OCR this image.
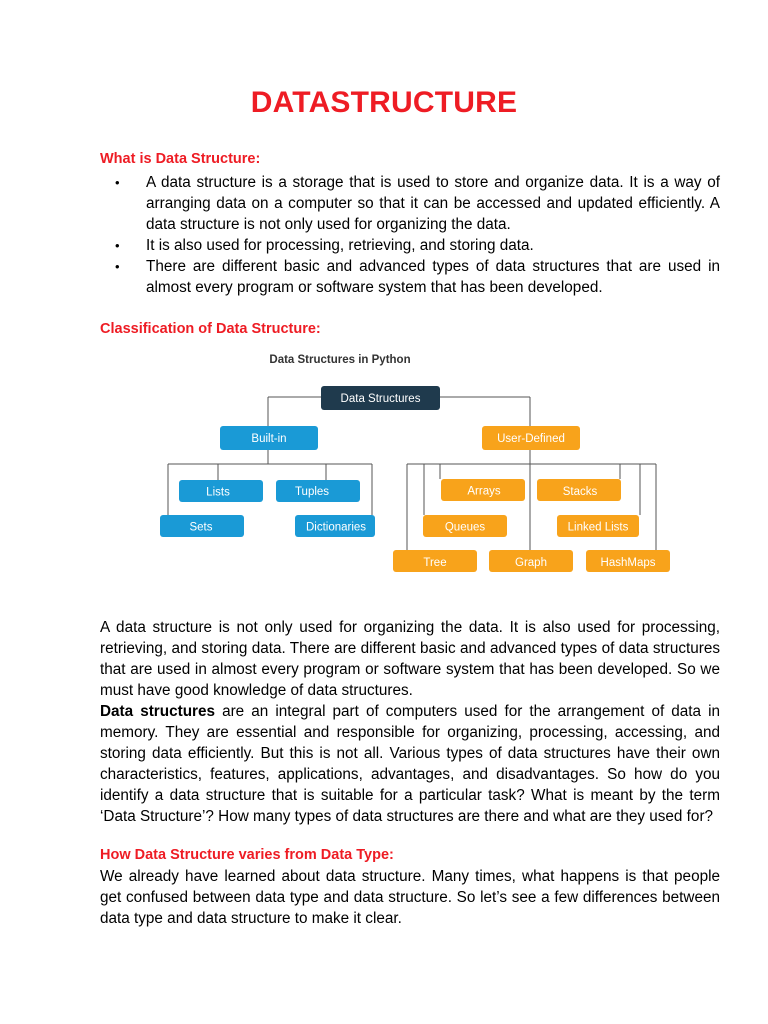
DATASTRUCTURE
What is Data Structure:
• A data structure is a storage that is used to store and organize data. It is a way of arranging data on a computer so that it can be accessed and updated efficiently. A data structure is not only used for organizing the data.
• It is also used for processing, retrieving, and storing data.
• There are different basic and advanced types of data structures that are used in almost every program or software system that has been developed.
Classification of Data Structure:
Data Structures in Python
Data Structures
Built-in	User-Defined
Lists	Tuples
Sets	Dictionaries
Arrays	Stacks
Queues	Linked Lists
Tree	Graph	HashMaps

A data structure is not only used for organizing the data. It is also used for processing, retrieving, and storing data. There are different basic and advanced types of data structures that are used in almost every program or software system that has been developed. So we must have good knowledge of data structures.

Data structures are an integral part of computers used for the arrangement of data in memory. They are essential and responsible for organizing, processing, accessing, and storing data efficiently. But this is not all. Various types of data structures have their own characteristics, features, applications, advantages, and disadvantages. So how do you identify a data structure that is suitable for a particular task? What is meant by the term ‘Data Structure’? How many types of data structures are there and what are they used for?

How Data Structure varies from Data Type:

We already have learned about data structure. Many times, what happens is that people get confused between data type and data structure. So let’s see a few differences between data type and data structure to make it clear.
